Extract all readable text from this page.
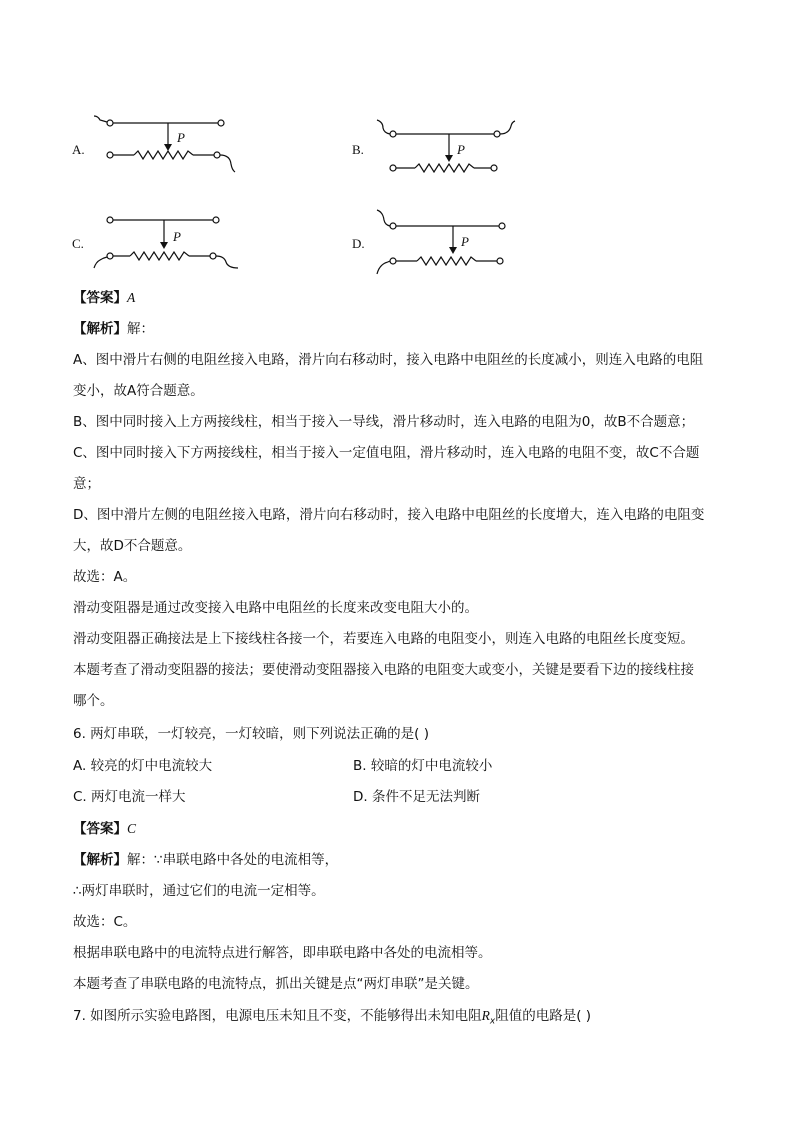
A.
P
B.	P
C.	P	D.	P
【答案】A
【解析】解：
A、图中滑片右侧的电阻丝接入电路，滑片向右移动时，接入电路中电阻丝的长度减小，则连入电路的电阻
变小，故A符合题意。
B、图中同时接入上方两接线柱，相当于接入一导线，滑片移动时，连入电路的电阻为0，故B不合题意；
C、图中同时接入下方两接线柱，相当于接入一定值电阻，滑片移动时，连入电路的电阻不变，故C不合题
意；
D、图中滑片左侧的电阻丝接入电路，滑片向右移动时，接入电路中电阻丝的长度增大，连入电路的电阻变
大，故D不合题意。
故选：A。
滑动变阻器是通过改变接入电路中电阻丝的长度来改变电阻大小的。
滑动变阻器正确接法是上下接线柱各接一个，若要连入电路的电阻变小，则连入电路的电阻丝长度变短。
本题考查了滑动变阻器的接法；要使滑动变阻器接入电路的电阻变大或变小，关键是要看下边的接线柱接
哪个。
6. 两灯串联，一灯较亮，一灯较暗，则下列说法正确的是( )
A. 较亮的灯中电流较大	B. 较暗的灯中电流较小
C. 两灯电流一样大	D. 条件不足无法判断
【答案】C
【解析】解：∵串联电路中各处的电流相等，
∴两灯串联时，通过它们的电流一定相等。
故选：C。
根据串联电路中的电流特点进行解答，即串联电路中各处的电流相等。
本题考查了串联电路的电流特点，抓出关键是点“两灯串联”是关键。
7. 如图所示实验电路图，电源电压未知且不变，不能够得出未知电阻$R_x$阻值的电路是( )
